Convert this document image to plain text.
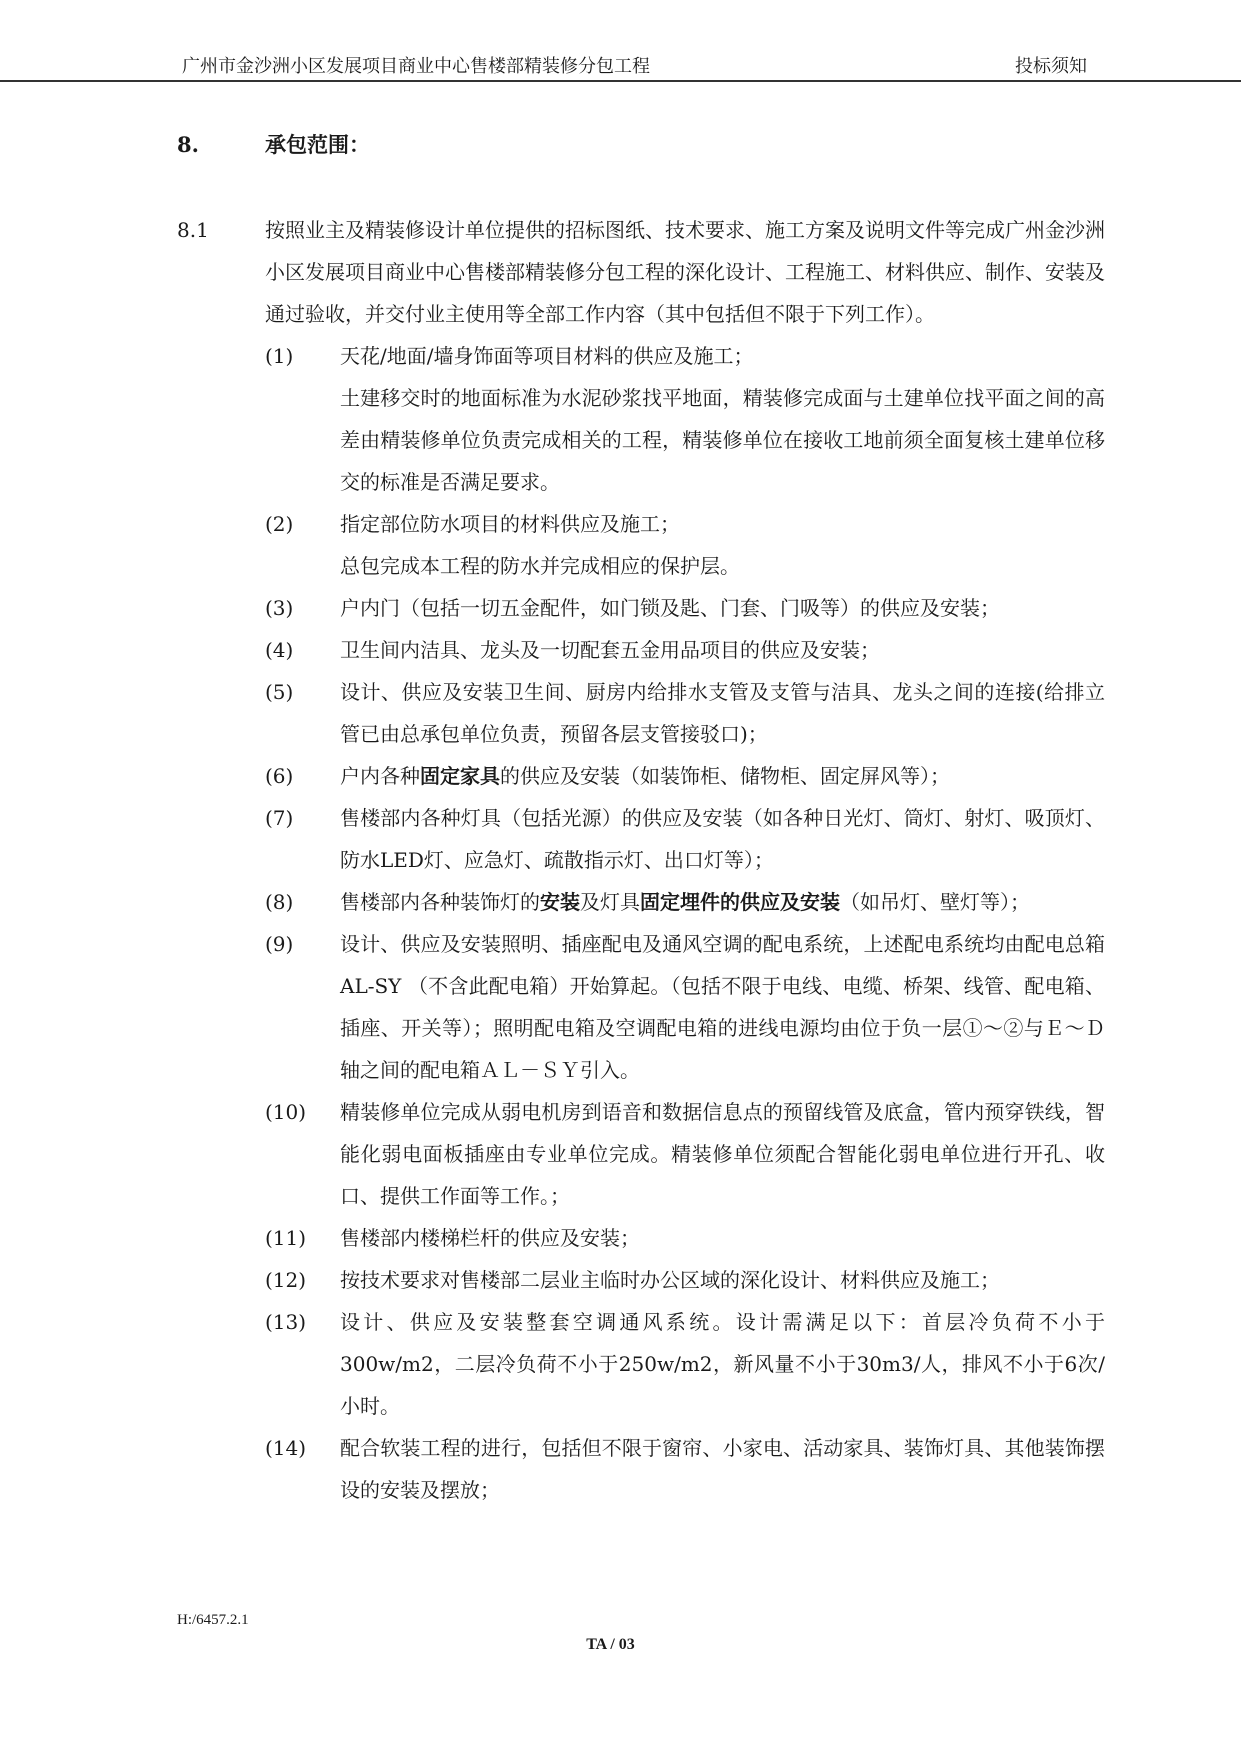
广州市金沙洲小区发展项目商业中心售楼部精装修分包工程	投标须知
8.	承包范围：
8.1	按照业主及精装修设计单位提供的招标图纸、技术要求、施工方案及说明文件等完成广州金沙洲小区发展项目商业中心售楼部精装修分包工程的深化设计、工程施工、材料供应、制作、安装及通过验收，并交付业主使用等全部工作内容（其中包括但不限于下列工作）。
(1)	天花/地面/墙身饰面等项目材料的供应及施工；
土建移交时的地面标准为水泥砂浆找平地面，精装修完成面与土建单位找平面之间的高差由精装修单位负责完成相关的工程，精装修单位在接收工地前须全面复核土建单位移交的标准是否满足要求。
(2)	指定部位防水项目的材料供应及施工；
总包完成本工程的防水并完成相应的保护层。
(3)	户内门（包括一切五金配件，如门锁及匙、门套、门吸等）的供应及安装；
(4)	卫生间内洁具、龙头及一切配套五金用品项目的供应及安装；
(5)	设计、供应及安装卫生间、厨房内给排水支管及支管与洁具、龙头之间的连接(给排立管已由总承包单位负责，预留各层支管接驳口)；
(6)	户内各种固定家具的供应及安装（如装饰柜、储物柜、固定屏风等）；
(7)	售楼部内各种灯具（包括光源）的供应及安装（如各种日光灯、筒灯、射灯、吸顶灯、防水LED灯、应急灯、疏散指示灯、出口灯等）；
(8)	售楼部内各种装饰灯的安装及灯具固定埋件的供应及安装（如吊灯、壁灯等）；
(9)	设计、供应及安装照明、插座配电及通风空调的配电系统，上述配电系统均由配电总箱AL-SY （不含此配电箱）开始算起。（包括不限于电线、电缆、桥架、线管、配电箱、插座、开关等）；照明配电箱及空调配电箱的进线电源均由位于负一层①～②与Ｅ～Ｄ轴之间的配电箱ＡＬ－ＳＹ引入。
(10)	精装修单位完成从弱电机房到语音和数据信息点的预留线管及底盒，管内预穿铁线，智能化弱电面板插座由专业单位完成。精装修单位须配合智能化弱电单位进行开孔、收口、提供工作面等工作。；
(11)	售楼部内楼梯栏杆的供应及安装；
(12)	按技术要求对售楼部二层业主临时办公区域的深化设计、材料供应及施工；
(13)	设计、供应及安装整套空调通风系统。设计需满足以下：首层冷负荷不小于300w/m2，二层冷负荷不小于250w/m2，新风量不小于30m3/人，排风不小于6次/小时。
(14)	配合软装工程的进行，包括但不限于窗帘、小家电、活动家具、装饰灯具、其他装饰摆设的安装及摆放；
H:/6457.2.1
TA / 03
